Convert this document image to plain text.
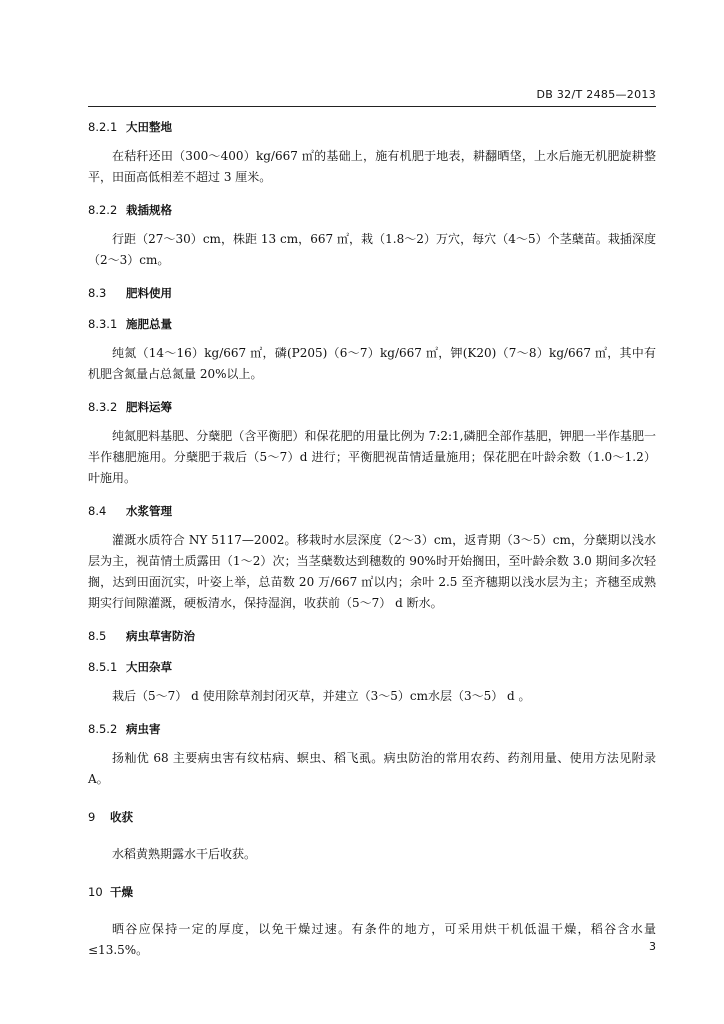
DB 32/T 2485—2013

8.2.1 大田整地

在秸秆还田（300～400）kg/667 ㎡的基础上，施有机肥于地表，耕翻晒垡，上水后施无机肥旋耕整平，田面高低相差不超过 3 厘米。

8.2.2 栽插规格

行距（27～30）cm，株距 13 cm，667 ㎡，栽（1.8～2）万穴，每穴（4～5）个茎蘖苗。栽插深度（2～3）cm。

8.3 肥料使用

8.3.1 施肥总量

纯氮（14～16）kg/667 ㎡，磷(P205)（6～7）kg/667 ㎡，钾(K20)（7～8）kg/667 ㎡，其中有机肥含氮量占总氮量 20%以上。

8.3.2 肥料运筹

纯氮肥料基肥、分蘖肥（含平衡肥）和保花肥的用量比例为 7:2:1,磷肥全部作基肥，钾肥一半作基肥一半作穗肥施用。分蘖肥于栽后（5～7）d 进行；平衡肥视苗情适量施用；保花肥在叶龄余数（1.0～1.2）叶施用。

8.4 水浆管理

灌溉水质符合 NY 5117—2002。移栽时水层深度（2～3）cm，返青期（3～5）cm，分蘖期以浅水层为主，视苗情土质露田（1～2）次；当茎蘖数达到穗数的 90%时开始搁田，至叶龄余数 3.0 期间多次轻搁，达到田面沉实，叶姿上举，总苗数 20 万/667 ㎡以内；余叶 2.5 至齐穗期以浅水层为主；齐穗至成熟期实行间隙灌溉，硬板清水，保持湿润，收获前（5～7） d 断水。

8.5 病虫草害防治

8.5.1 大田杂草

栽后（5～7） d 使用除草剂封闭灭草，并建立（3～5）cm水层（3～5） d 。

8.5.2 病虫害

扬籼优 68 主要病虫害有纹枯病、螟虫、稻飞虱。病虫防治的常用农药、药剂用量、使用方法见附录 A。

9 收获

水稻黄熟期露水干后收获。

10 干燥

晒谷应保持一定的厚度，以免干燥过速。有条件的地方，可采用烘干机低温干燥，稻谷含水量≤13.5%。	3
